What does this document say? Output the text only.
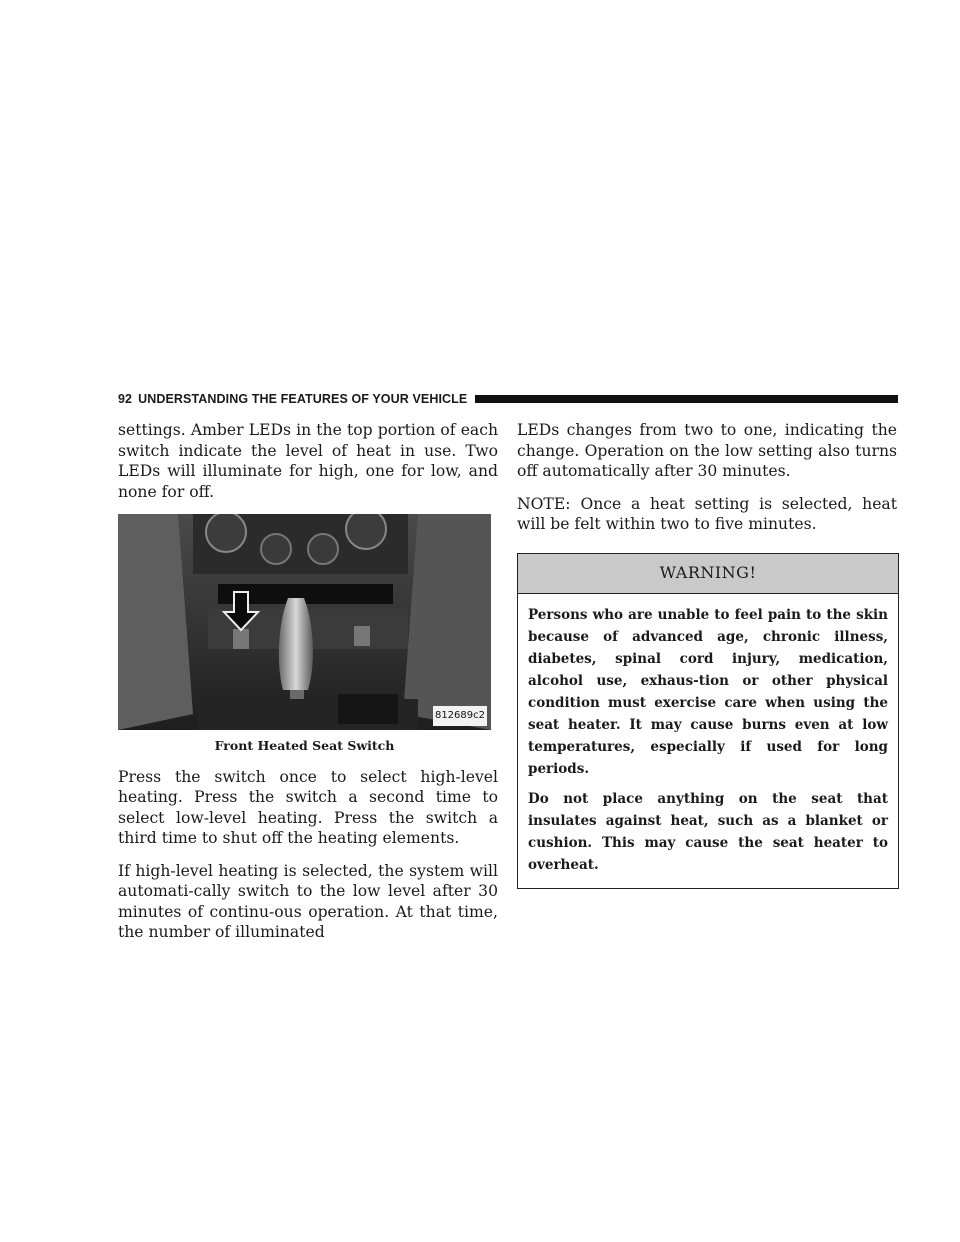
92 UNDERSTANDING THE FEATURES OF YOUR VEHICLE

settings. Amber LEDs in the top portion of each switch indicate the level of heat in use. Two LEDs will illuminate for high, one for low, and none for off.

812689c2
Front Heated Seat Switch

Press the switch once to select high-level heating. Press the switch a second time to select low-level heating. Press the switch a third time to shut off the heating elements.

If high-level heating is selected, the system will automati-cally switch to the low level after 30 minutes of continu-ous operation. At that time, the number of illuminated

LEDs changes from two to one, indicating the change. Operation on the low setting also turns off automatically after 30 minutes.

NOTE: Once a heat setting is selected, heat will be felt within two to five minutes.

WARNING!

Persons who are unable to feel pain to the skin because of advanced age, chronic illness, diabetes, spinal cord injury, medication, alcohol use, exhaus-tion or other physical condition must exercise care when using the seat heater. It may cause burns even at low temperatures, especially if used for long periods.

Do not place anything on the seat that insulates against heat, such as a blanket or cushion. This may cause the seat heater to overheat.
